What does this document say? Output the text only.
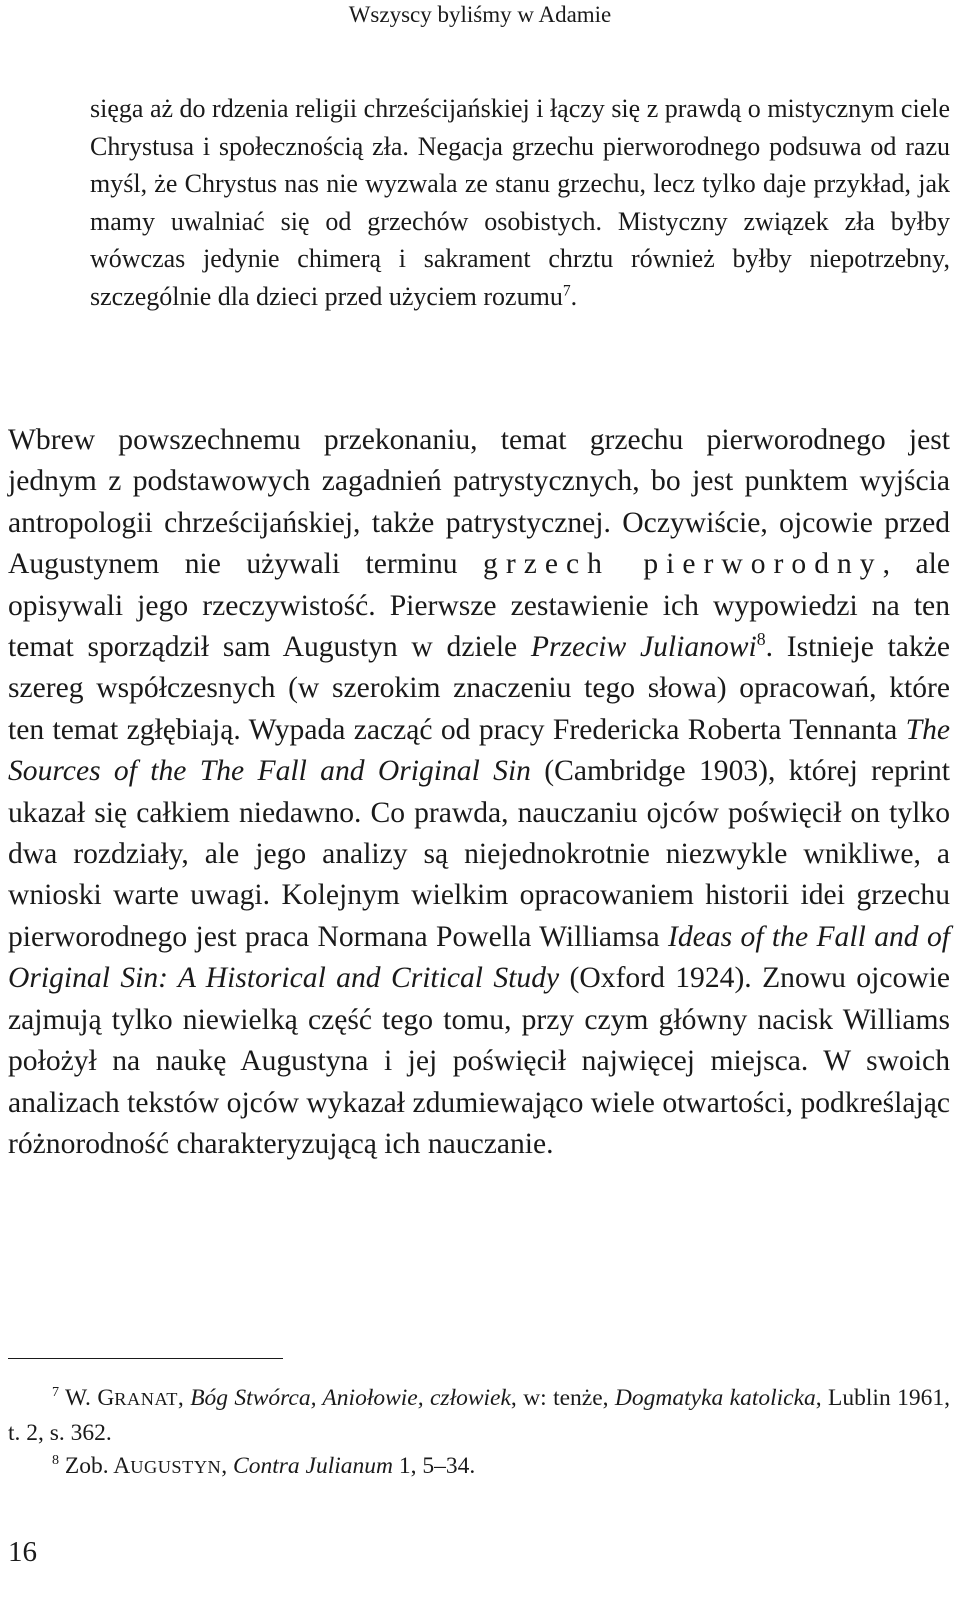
Wszyscy byliśmy w Adamie
sięga aż do rdzenia religii chrześcijańskiej i łączy się z prawdą o mistycznym ciele Chrystusa i społecznością zła. Negacja grzechu pierworodnego podsuwa od razu myśl, że Chrystus nas nie wyzwala ze stanu grzechu, lecz tylko daje przykład, jak mamy uwalniać się od grzechów osobistych. Mistyczny związek zła byłby wówczas jedynie chimerą i sakrament chrztu również byłby niepotrzebny, szczególnie dla dzieci przed użyciem rozumu$^7$.
Wbrew powszechnemu przekonaniu, temat grzechu pierworodnego jest jednym z podstawowych zagadnień patrystycznych, bo jest punktem wyjścia antropologii chrześcijańskiej, także patrystycznej. Oczywiście, ojcowie przed Augustynem nie używali terminu grzech pierworodny, ale opisywali jego rzeczywistość. Pierwsze zestawienie ich wypowiedzi na ten temat sporządził sam Augustyn w dziele Przeciw Julianowi$^8$. Istnieje także szereg współczesnych (w szerokim znaczeniu tego słowa) opracowań, które ten temat zgłębiają. Wypada zacząć od pracy Fredericka Roberta Tennanta The Sources of the The Fall and Original Sin (Cambridge 1903), której reprint ukazał się całkiem niedawno. Co prawda, nauczaniu ojców poświęcił on tylko dwa rozdziały, ale jego analizy są niejednokrotnie niezwykle wnikliwe, a wnioski warte uwagi. Kolejnym wielkim opracowaniem historii idei grzechu pierworodnego jest praca Normana Powella Williamsa Ideas of the Fall and of Original Sin: A Historical and Critical Study (Oxford 1924). Znowu ojcowie zajmują tylko niewielką część tego tomu, przy czym główny nacisk Williams położył na naukę Augustyna i jej poświęcił najwięcej miejsca. W swoich analizach tekstów ojców wykazał zdumiewająco wiele otwartości, podkreślając różnorodność charakteryzującą ich nauczanie.

$^7$ W. GRANAT, Bóg Stwórca, Aniołowie, człowiek, w: tenże, Dogmatyka katolicka, Lublin 1961, t. 2, s. 362.

$^8$ Zob. AUGUSTYN, Contra Julianum 1, 5–34.

16
